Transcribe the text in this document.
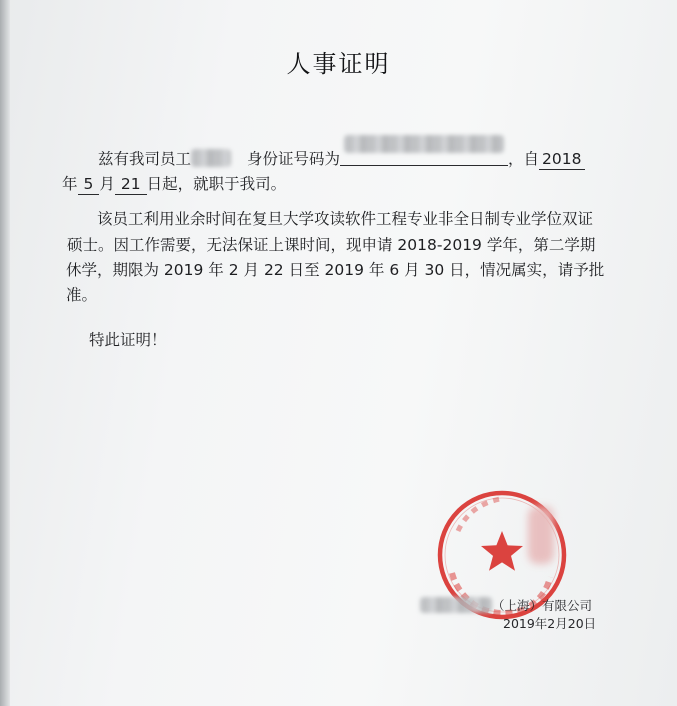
人事证明
兹有我司员工	身份证号码为	，自 2018
年 5 月 21 日起，就职于我司。
该员工利用业余时间在复旦大学攻读软件工程专业非全日制专业学位双证
硕士。因工作需要，无法保证上课时间，现申请 2018-2019 学年，第二学期
休学，期限为 2019 年 2 月 22 日至 2019 年 6 月 30 日，情况属实，请予批
准。
特此证明！
（上海）有限公司
2019年2月20日
